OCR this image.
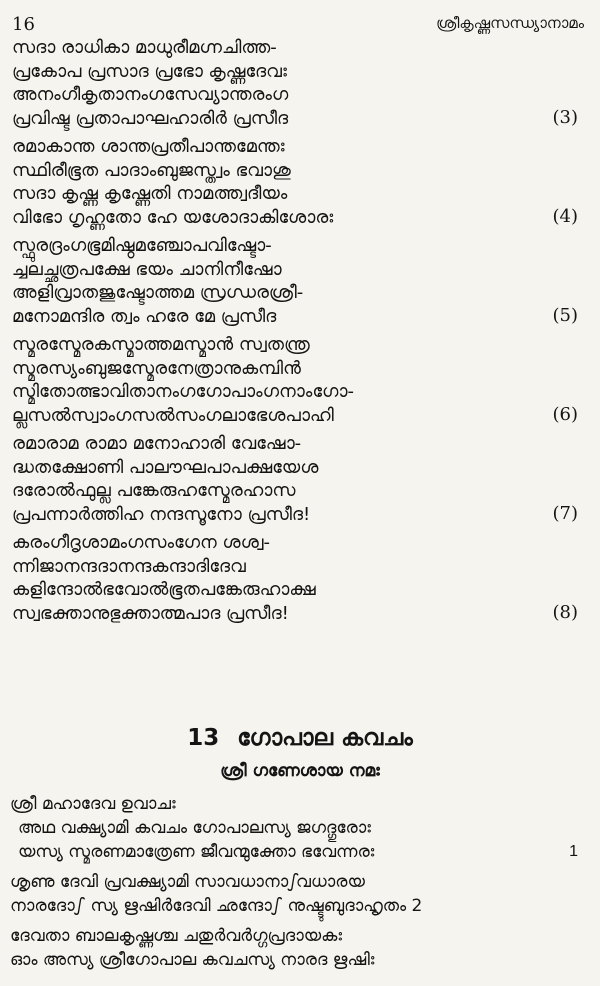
16	ശ്രീകൃഷ്ണസന്ധ്യാനാമം
സദാ രാധികാ മാധുരീമഗ്നചിത്ത-
പ്രകോപ പ്രസാദ പ്രഭോ കൃഷ്ണദേവഃ
അനംഗീകൃതാനംഗസേവ്യാന്തരംഗ
പ്രവിഷ്ട പ്രതാപാഘഹാരിർ പ്രസീദ	(3)
രമാകാന്ത ശാന്തപ്രതീപാന്തമേന്തഃ
സ്ഥിരീഭൂത പാദാംബുജസ്ത്വം ഭവാശു
സദാ കൃഷ്ണ കൃഷ്ണേതി നാമത്ത്വദീയം
വിഭോ ഗൃഹ്ണതോ ഹേ യശോദാകിശോരഃ	(4)
സ്ഫുരദ്രംഗഭൂമിഷ്ഠമഞ്ചോപവിഷ്ടോ-
ച്ചലച്ഛത്രപക്ഷേ ഭയം ചാനിനീഷോ
അളിവ്രാതജുഷ്ടോത്തമ സ്രഗ്ധരശ്രീ-
മനോമന്ദിര ത്വം ഹരേ മേ പ്രസീദ	(5)
സ്മരസ്മേരകസ്മാത്തമസ്മാൻ സ്വതന്ത്ര
സ്മരസ്യംബുജസ്മേരനേത്രാനുകമ്പിൻ
സ്മിതോത്ഭാവിതാനംഗഗോപാംഗനാംഗോ-
ല്ലസൽസ്വാംഗസൽസംഗലാഭേശപാഹി	(6)
രമാരാമ രാമാ മനോഹാരി വേഷോ-
ദ്ധതക്ഷോണി പാലൗഘപാപക്ഷയേശ
ദരോൽഫുല്ല പങ്കേരുഹസ്മേരഹാസ
പ്രപന്നാർത്തിഹ നന്ദസൂനോ പ്രസീദ!	(7)
കരംഗീദൃശാമംഗസംഗേന ശശ്വ-
ന്നിജാനന്ദദാനന്ദകന്ദാദിദേവ
കളിന്ദോൽഭവോൽഭൂതപങ്കേരുഹാക്ഷ
സ്വഭക്താനുഭുക്താത്മപാദ പ്രസീദ!	(8)
13 ഗോപാല കവചം
ശ്രീ ഗണേശായ നമഃ
ശ്രീ മഹാദേവ ഉവാചഃ
അഥ വക്ഷ്യാമി കവചം ഗോപാലസ്യ ജഗദ്ഗുരോഃ
യസ്യ സ്മരണമാത്രേണ ജീവന്മുക്തോ ഭവേന്നരഃ	1
ശൃണു ദേവി പ്രവക്ഷ്യാമി സാവധാനാഽവധാരയ
നാരദോഽ സ്യ ഋഷിർദേവി ഛന്ദോഽ നുഷ്ടുബുദാഹൃതം 2
ദേവതാ ബാലകൃഷ്ണശ്ച ചതുർവർഗ്ഗപ്രദായകഃ
ഓം അസ്യ ശ്രീഗോപാല കവചസ്യ നാരദ ഋഷിഃ
